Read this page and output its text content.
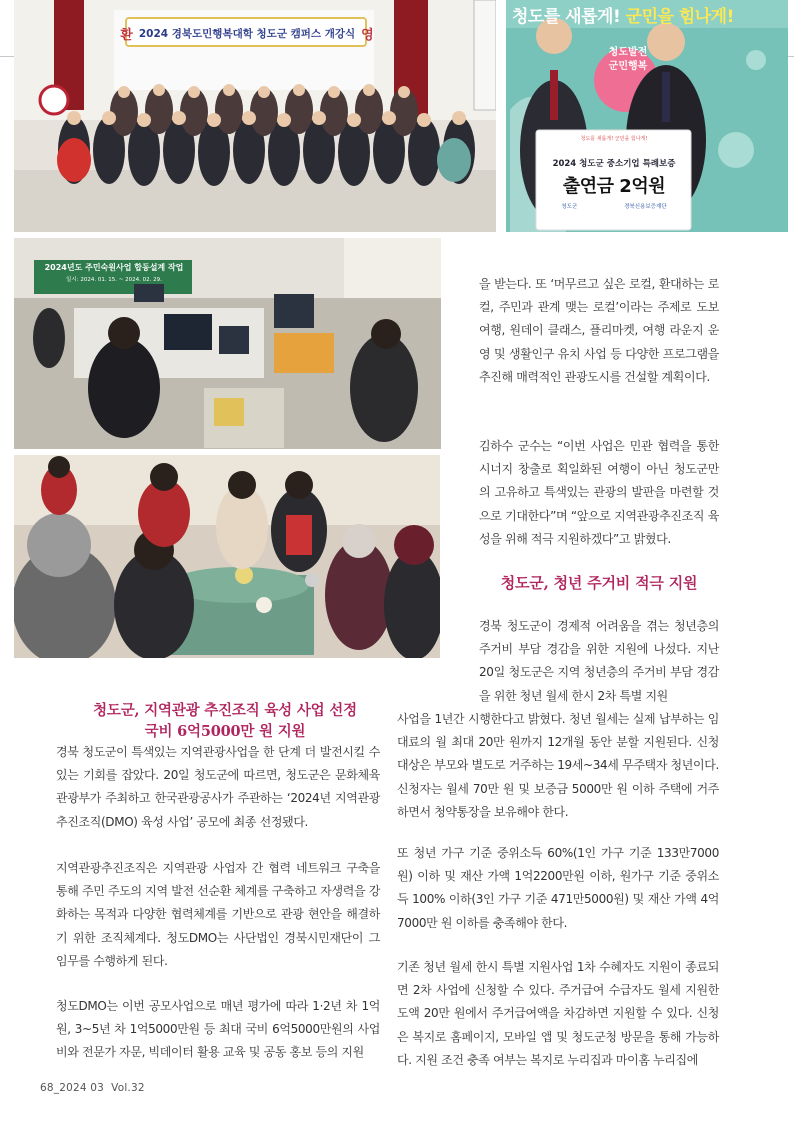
환 2024 경북도민행복대학 청도군 캠퍼스 개강식 영
청도를 새롭게! 군민을 힘나게!
청도발전
군민행복
청도를 새롭게! 군민을 힘나게!
2024 청도군 중소기업 특례보증
출연금 2억원
청도군	경북신용보증재단
2024년도 주민숙원사업 합동설계 작업
일시: 2024. 01. 15. ~ 2024. 02. 29.
청도군, 지역관광 추진조직 육성 사업 선정
국비 6억5000만 원 지원

경북 청도군이 특색있는 지역관광사업을 한 단계 더 발전시킬 수 있는 기회를 잡았다. 20일 청도군에 따르면, 청도군은 문화체육관광부가 주최하고 한국관광공사가 주관하는 ‘2024년 지역관광 추진조직(DMO) 육성 사업’ 공모에 최종 선정됐다.

지역관광추진조직은 지역관광 사업자 간 협력 네트워크 구축을 통해 주민 주도의 지역 발전 선순환 체계를 구축하고 자생력을 강화하는 목적과 다양한 협력체계를 기반으로 관광 현안을 해결하기 위한 조직체계다. 청도DMO는 사단법인 경북시민재단이 그 임무를 수행하게 된다.

청도DMO는 이번 공모사업으로 매년 평가에 따라 1·2년 차 1억 원, 3~5년 차 1억5000만원 등 최대 국비 6억5000만원의 사업비와 전문가 자문, 빅데이터 활용 교육 및 공동 홍보 등의 지원

을 받는다. 또 ‘머무르고 싶은 로컬, 환대하는 로컬, 주민과 관계 맺는 로컬’이라는 주제로 도보여행, 원데이 클래스, 플리마켓, 여행 라운지 운영 및 생활인구 유치 사업 등 다양한 프로그램을 추진해 매력적인 관광도시를 건설할 계획이다.

김하수 군수는 “이번 사업은 민관 협력을 통한 시너지 창출로 획일화된 여행이 아닌 청도군만의 고유하고 특색있는 관광의 발판을 마련할 것으로 기대한다”며 “앞으로 지역관광추진조직 육성을 위해 적극 지원하겠다”고 밝혔다.

청도군, 청년 주거비 적극 지원

경북 청도군이 경제적 어려움을 겪는 청년층의 주거비 부담 경감을 위한 지원에 나섰다. 지난 20일 청도군은 지역 청년층의 주거비 부담 경감을 위한 청년 월세 한시 2차 특별 지원

사업을 1년간 시행한다고 밝혔다. 청년 월세는 실제 납부하는 임대료의 월 최대 20만 원까지 12개월 동안 분할 지원된다. 신청 대상은 부모와 별도로 거주하는 19세~34세 무주택자 청년이다. 신청자는 월세 70만 원 및 보증금 5000만 원 이하 주택에 거주하면서 청약통장을 보유해야 한다.

또 청년 가구 기준 중위소득 60%(1인 가구 기준 133만7000원) 이하 및 재산 가액 1억2200만원 이하, 원가구 기준 중위소득 100% 이하(3인 가구 기준 471만5000원) 및 재산 가액 4억7000만 원 이하를 충족해야 한다.

기존 청년 월세 한시 특별 지원사업 1차 수혜자도 지원이 종료되면 2차 사업에 신청할 수 있다. 주거급여 수급자도 월세 지원한도액 20만 원에서 주거급여액을 차감하면 지원할 수 있다. 신청은 복지로 홈페이지, 모바일 앱 및 청도군청 방문을 통해 가능하다. 지원 조건 충족 여부는 복지로 누리집과 마이홈 누리집에

68_2024 03 Vol.32
